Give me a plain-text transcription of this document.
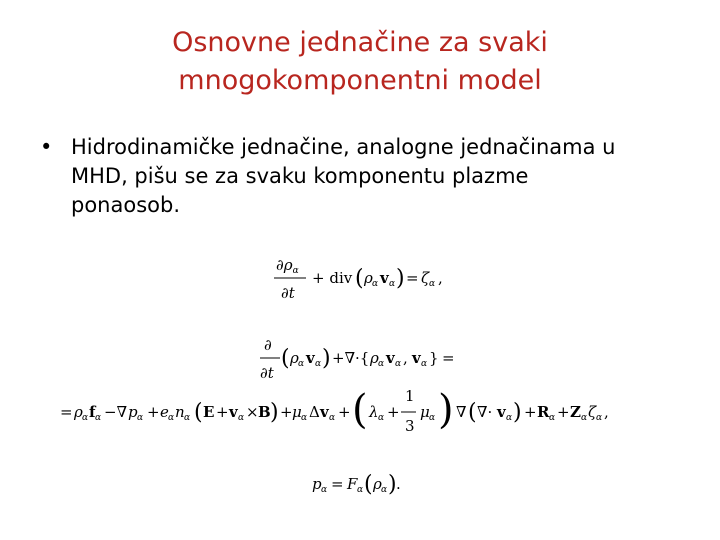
Osnovne jednačine za svaki
mnogokomponentni model
• Hidrodinamičke jednačine, analogne jednačinama u
MHD, pišu se za svaku komponentu plazme
ponaosob.
$\partial\rho_\alpha$
∂t
+ div ( ρ α v α ) = ζ α ,
∂
∂t
( ρ α v α ) +∇·{ ρ α v α , v α } =
= ρ α f α −∇ p α + e α n α ( E + v α × B ) + μ α Δ v α + ( λ α +
1
3
μ α ) ∇ ( ∇· v α ) + R α + Z α ζ α ,
p α = F α ( ρ α ) .
